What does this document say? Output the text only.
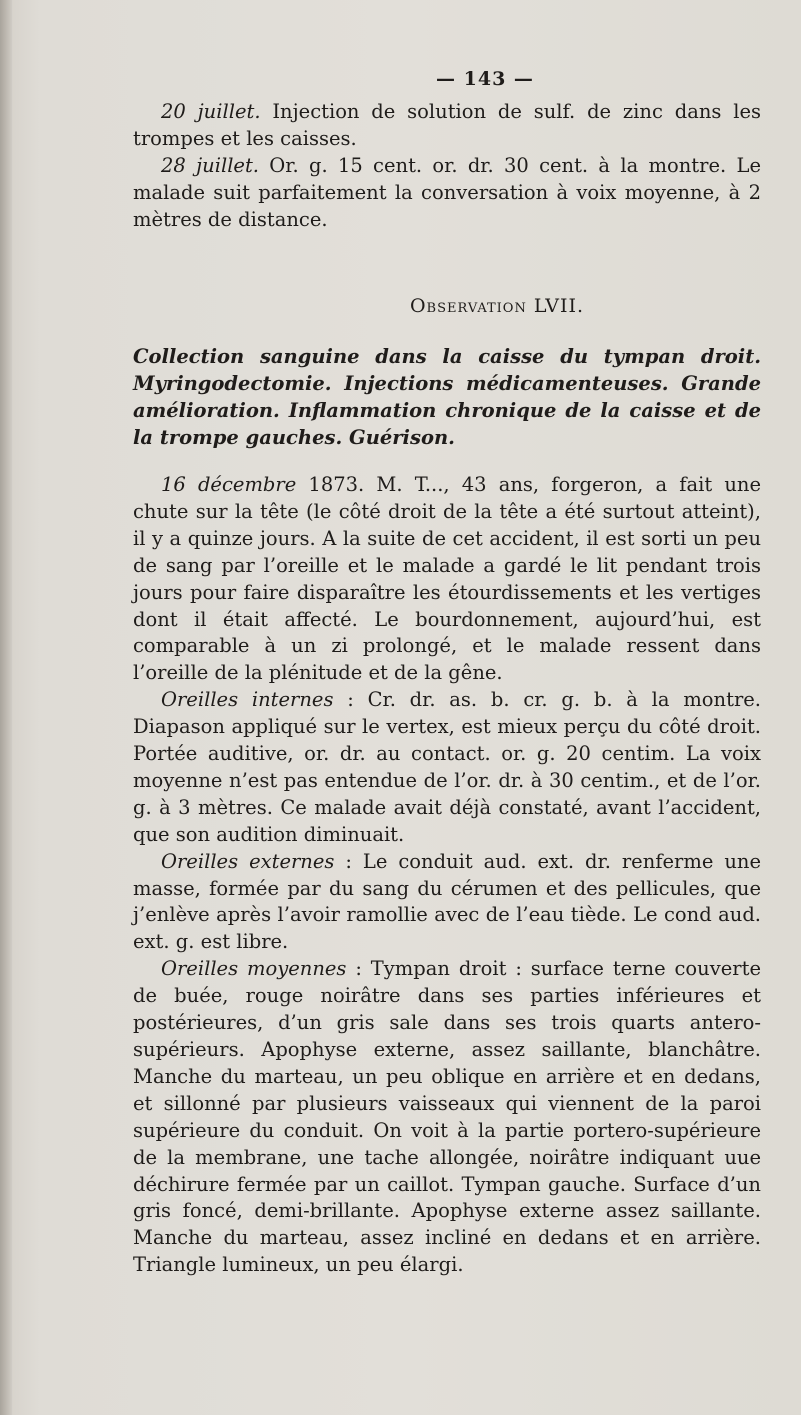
— 143 —

20 juillet. Injection de solution de sulf. de zinc dans les trompes et les caisses.

28 juillet. Or. g. 15 cent. or. dr. 30 cent. à la montre. Le malade suit parfaitement la conversation à voix moyenne, à 2 mètres de distance.

Observation LVII.

Collection sanguine dans la caisse du tympan droit. Myringodectomie. Injections médicamenteuses. Grande amélioration. Inflammation chronique de la caisse et de la trompe gauches. Guérison.

16 décembre 1873. M. T..., 43 ans, forgeron, a fait une chute sur la tête (le côté droit de la tête a été surtout atteint), il y a quinze jours. A la suite de cet accident, il est sorti un peu de sang par l’oreille et le malade a gardé le lit pendant trois jours pour faire disparaître les étourdissements et les vertiges dont il était affecté. Le bourdonnement, aujourd’hui, est comparable à un zi prolongé, et le malade ressent dans l’oreille de la plénitude et de la gêne.

Oreilles internes : Cr. dr. as. b. cr. g. b. à la montre. Diapason appliqué sur le vertex, est mieux perçu du côté droit. Portée auditive, or. dr. au contact. or. g. 20 centim. La voix moyenne n’est pas entendue de l’or. dr. à 30 centim., et de l’or. g. à 3 mètres. Ce malade avait déjà constaté, avant l’accident, que son audition diminuait.

Oreilles externes : Le conduit aud. ext. dr. renferme une masse, formée par du sang du cérumen et des pellicules, que j’enlève après l’avoir ramollie avec de l’eau tiède. Le cond aud. ext. g. est libre.

Oreilles moyennes : Tympan droit : surface terne couverte de buée, rouge noirâtre dans ses parties inférieures et postérieures, d’un gris sale dans ses trois quarts antero-supérieurs. Apophyse externe, assez saillante, blanchâtre. Manche du marteau, un peu oblique en arrière et en dedans, et sillonné par plusieurs vaisseaux qui viennent de la paroi supérieure du conduit. On voit à la partie portero-supérieure de la membrane, une tache allongée, noirâtre indiquant uue déchirure fermée par un caillot. Tympan gauche. Surface d’un gris foncé, demi-brillante. Apophyse externe assez saillante. Manche du marteau, assez incliné en dedans et en arrière. Triangle lumineux, un peu élargi.
